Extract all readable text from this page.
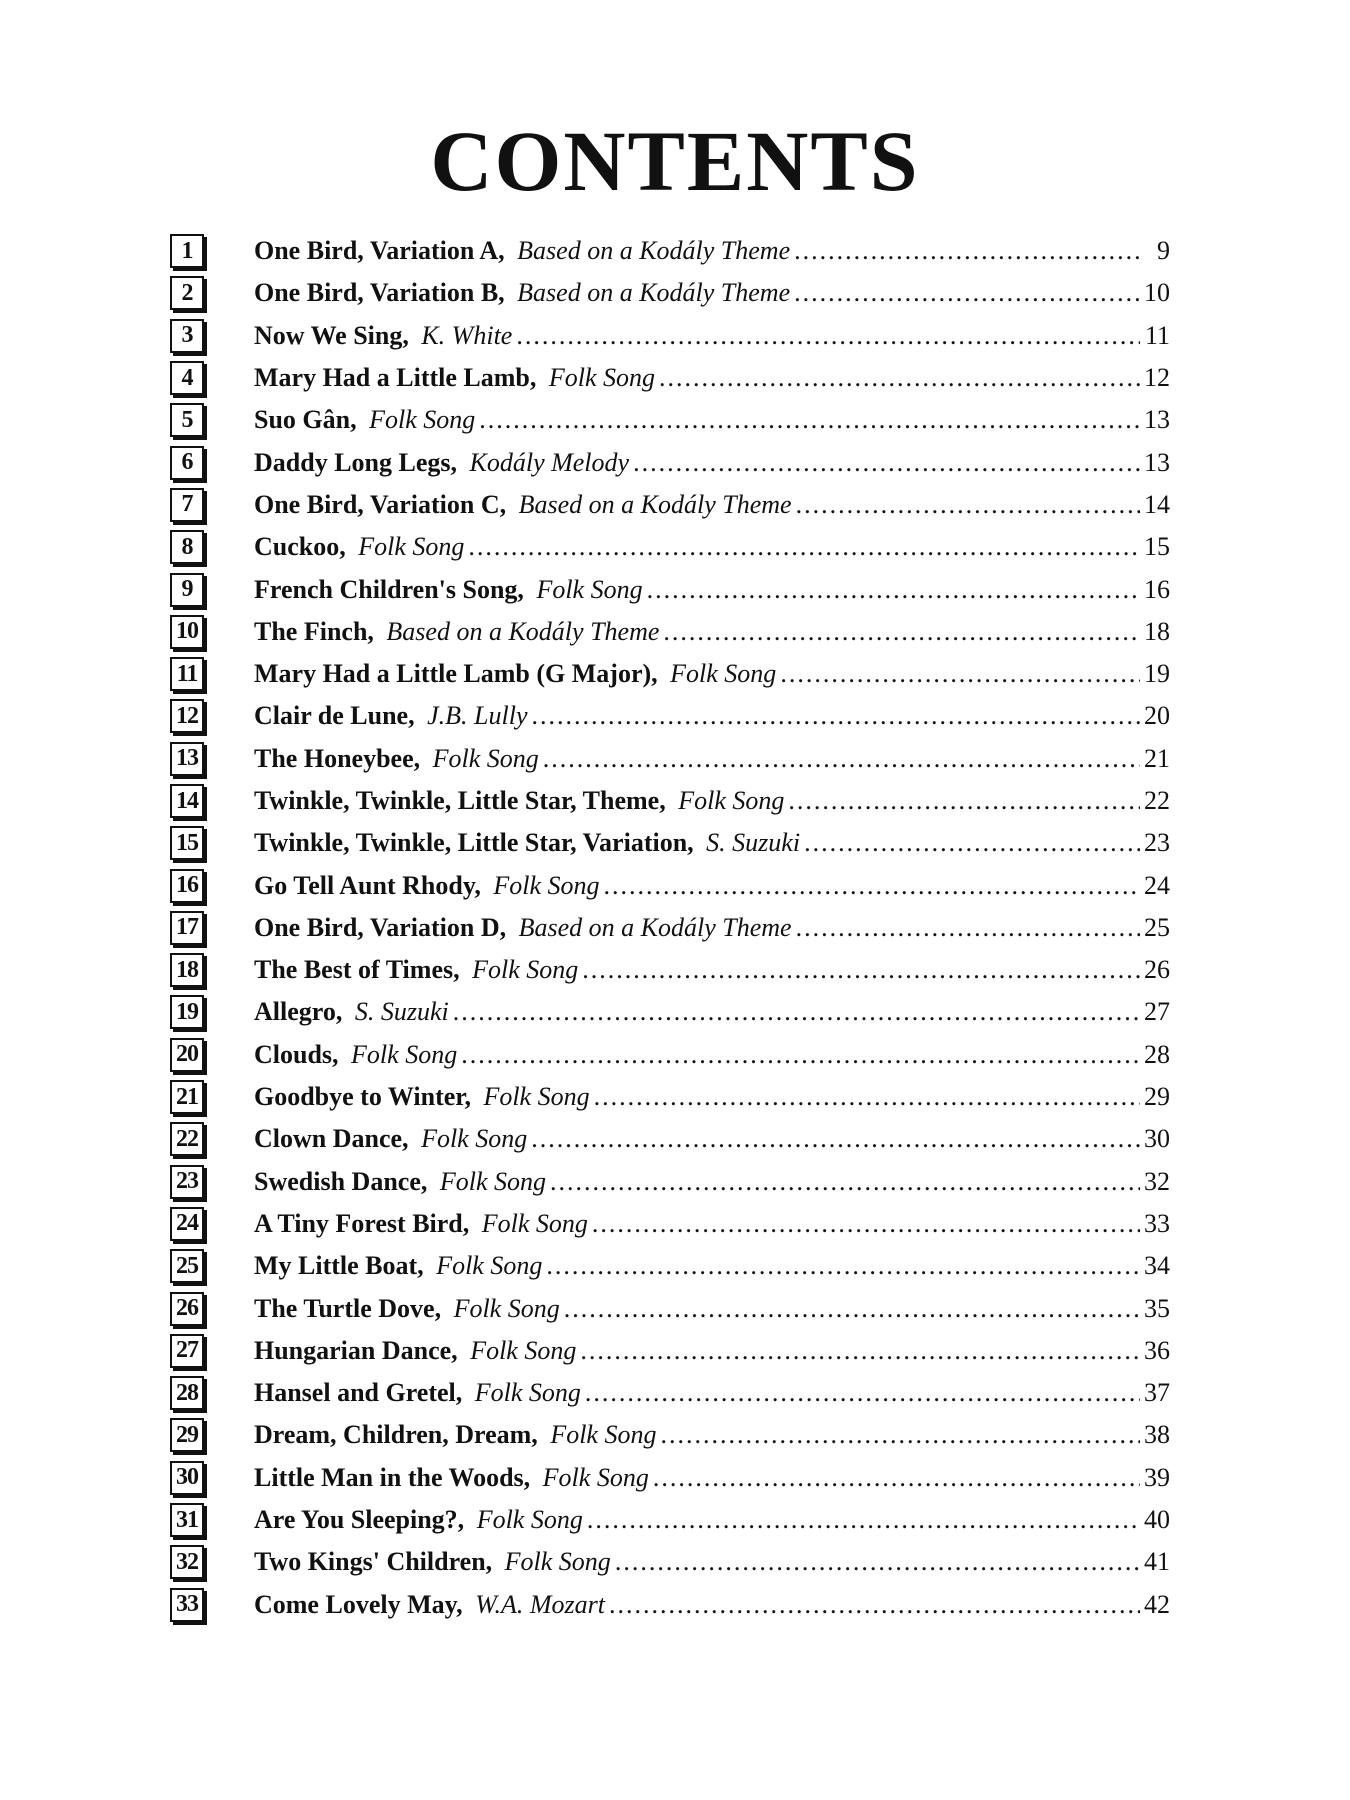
CONTENTS
1	One Bird, Variation A,
Based on a Kodály Theme .....	9
2	One Bird, Variation B,
Based on a Kodály Theme .....	10
3	Now We Sing,
K. White .....	11
4	Mary Had a Little Lamb,
Folk Song .....	12
5	Suo Gân,
Folk Song .....	13
6	Daddy Long Legs,
Kodály Melody .....	13
7	One Bird, Variation C,
Based on a Kodály Theme .....	14
8	Cuckoo,
Folk Song .....	15
9	French Children's Song,
Folk Song .....	16
10 The Finch,
Based on a Kodály Theme .....	18
11 Mary Had a Little Lamb (G Major),
Folk Song .....	19
12 Clair de Lune,
J.B. Lully .....	20
13 The Honeybee,
Folk Song .....	21
14 Twinkle, Twinkle, Little Star, Theme,
Folk Song .....	22
15 Twinkle, Twinkle, Little Star, Variation,
S. Suzuki .....	23
16 Go Tell Aunt Rhody,
Folk Song .....	24
17 One Bird, Variation D,
Based on a Kodály Theme .....	25
18 The Best of Times,
Folk Song .....	26
19 Allegro,
S. Suzuki .....	27
20 Clouds,
Folk Song .....	28
21 Goodbye to Winter,
Folk Song .....	29
22 Clown Dance,
Folk Song .....	30
23 Swedish Dance,
Folk Song .....	32
24 A Tiny Forest Bird,
Folk Song .....	33
25 My Little Boat,
Folk Song .....	34
26 The Turtle Dove,
Folk Song .....	35
27 Hungarian Dance,
Folk Song .....	36
28 Hansel and Gretel,
Folk Song .....	37
29 Dream, Children, Dream,
Folk Song .....	38
30 Little Man in the Woods,
Folk Song .....	39
31 Are You Sleeping?,
Folk Song .....	40
32 Two Kings' Children,
Folk Song .....	41
33 Come Lovely May,
W.A. Mozart .....	42
